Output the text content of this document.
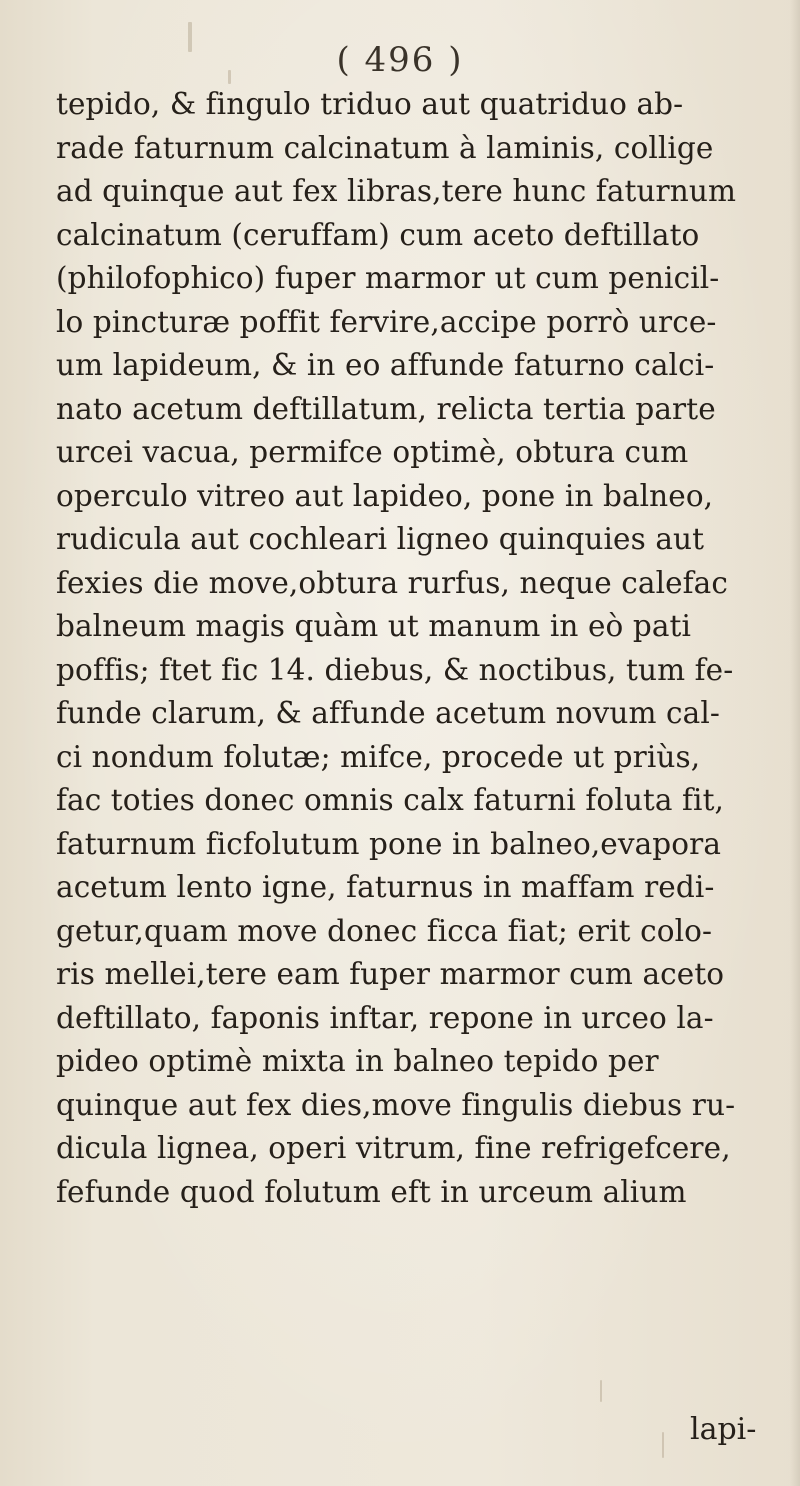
( 496 )
tepido, & fingulo triduo aut quatriduo ab-
rade faturnum calcinatum à laminis, collige
ad quinque aut fex libras,tere hunc faturnum
calcinatum (ceruffam) cum aceto deftillato
(philofophico) fuper marmor ut cum penicil-
lo pincturæ poffit fervire,accipe porrò urce-
um lapideum, & in eo affunde faturno calci-
nato acetum deftillatum, relicta tertia parte
urcei vacua, permifce optimè, obtura cum
operculo vitreo aut lapideo, pone in balneo,
rudicula aut cochleari ligneo quinquies aut
fexies die move,obtura rurfus, neque calefac
balneum magis quàm ut manum in eò pati
poffis; ftet fic 14. diebus, & noctibus, tum fe-
funde clarum, & affunde acetum novum cal-
ci nondum folutæ; mifce, procede ut priùs,
fac toties donec omnis calx faturni foluta fit,
faturnum ficfolutum pone in balneo,evapora
acetum lento igne, faturnus in maffam redi-
getur,quam move donec ficca fiat; erit colo-
ris mellei,tere eam fuper marmor cum aceto
deftillato, faponis inftar, repone in urceo la-
pideo optimè mixta in balneo tepido per
quinque aut fex dies,move fingulis diebus ru-
dicula lignea, operi vitrum, fine refrigefcere,
fefunde quod folutum eft in urceum alium
lapi-
